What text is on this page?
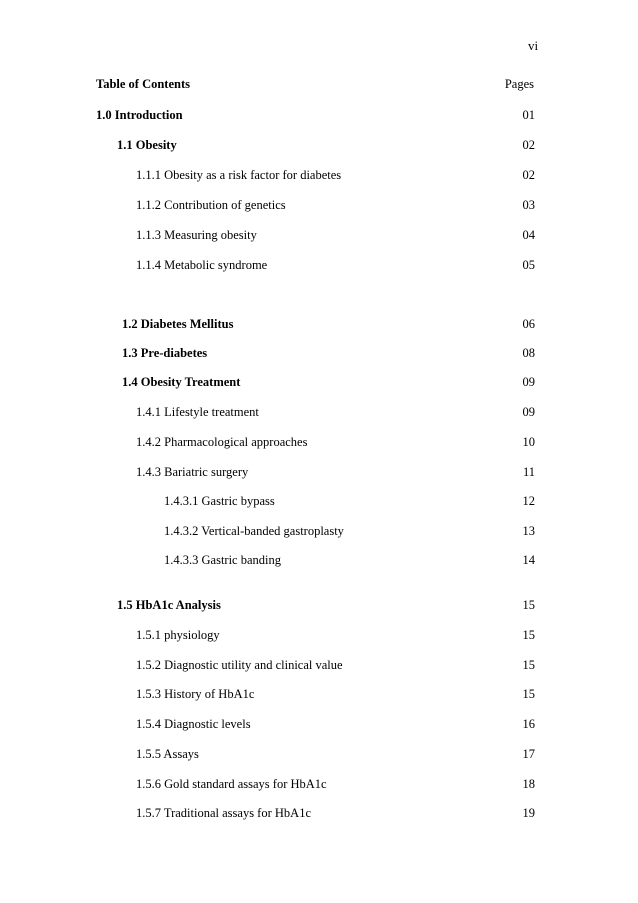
vi
Table of Contents	Pages
1.0 Introduction	01
1.1 Obesity	02
1.1.1 Obesity as a risk factor for diabetes	02
1.1.2 Contribution of genetics	03
1.1.3 Measuring obesity	04
1.1.4 Metabolic syndrome	05
1.2 Diabetes Mellitus	06
1.3 Pre-diabetes	08
1.4 Obesity Treatment	09
1.4.1 Lifestyle treatment	09
1.4.2 Pharmacological approaches	10
1.4.3 Bariatric surgery	11
1.4.3.1 Gastric bypass	12
1.4.3.2 Vertical-banded gastroplasty	13
1.4.3.3 Gastric banding	14
1.5 HbA1c Analysis	15
1.5.1 physiology	15
1.5.2 Diagnostic utility and clinical value	15
1.5.3 History of HbA1c	15
1.5.4 Diagnostic levels	16
1.5.5 Assays	17
1.5.6 Gold standard assays for HbA1c	18
1.5.7 Traditional assays for HbA1c	19
